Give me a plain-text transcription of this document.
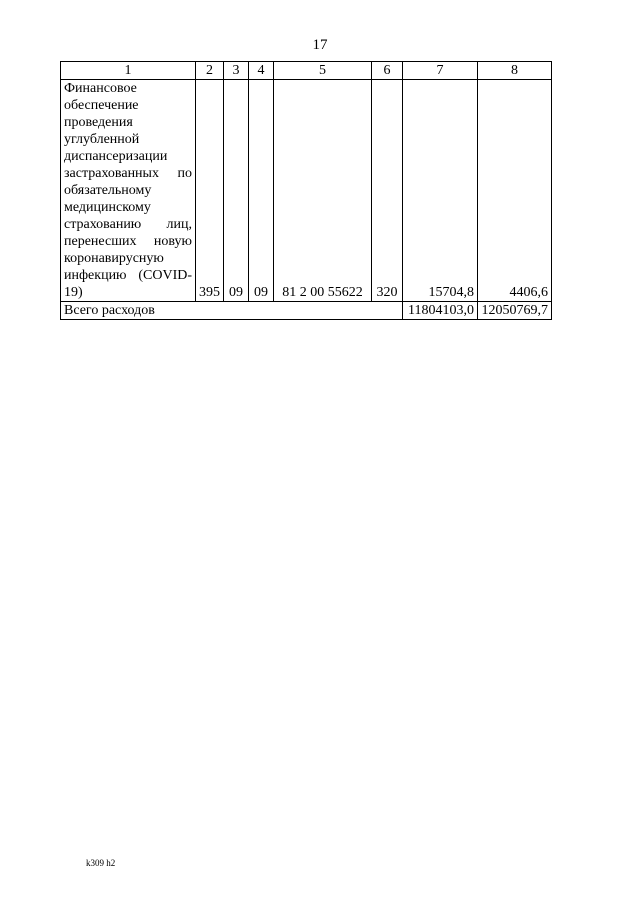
17
1	2	3	4	5	6	7	8
Финансовое обеспечение проведения углубленной диспансеризации застрахованных по обязательному медицинскому страхованию лиц, перенесших новую коронавирусную инфекцию (COVID-19)	395	09	09	81 2 00 55622	320	15704,8	4406,6
Всего расходов						11804103,0	12050769,7
k309 h2
